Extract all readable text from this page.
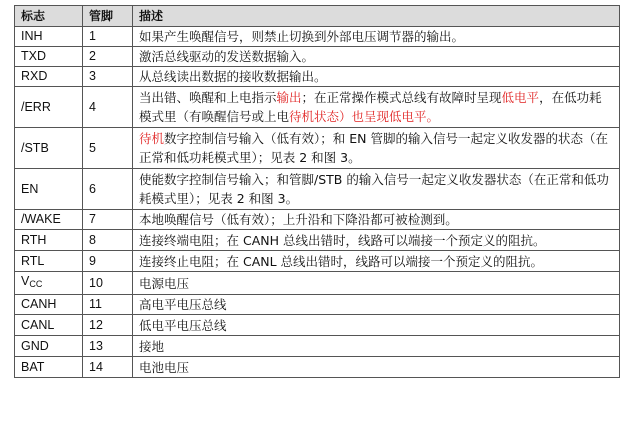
标志	管脚	描述
INH	1	如果产生唤醒信号，则禁止切换到外部电压调节器的输出。
TXD	2	激活总线驱动的发送数据输入。
RXD	3	从总线读出数据的接收数据输出。
/ERR	4	当出错、唤醒和上电指示输出；在正常操作模式总线有故障时呈现低电平，在低功耗模式里（有唤醒信号或上电待机状态）也呈现低电平。
/STB	5	待机数字控制信号输入（低有效）；和 EN 管脚的输入信号一起定义收发器的状态（在正常和低功耗模式里）；见表 2 和图 3。
EN	6	使能数字控制信号输入；和管脚/STB 的输入信号一起定义收发器状态（在正常和低功耗模式里）；见表 2 和图 3。
/WAKE	7	本地唤醒信号（低有效）；上升沿和下降沿都可被检测到。
RTH	8	连接终端电阻；在 CANH 总线出错时，线路可以端接一个预定义的阻抗。
RTL	9	连接终止电阻；在 CANL 总线出错时，线路可以端接一个预定义的阻抗。
$V_{CC}$	10	电源电压
CANH	11	高电平电压总线
CANL	12	低电平电压总线
GND	13	接地
BAT	14	电池电压
